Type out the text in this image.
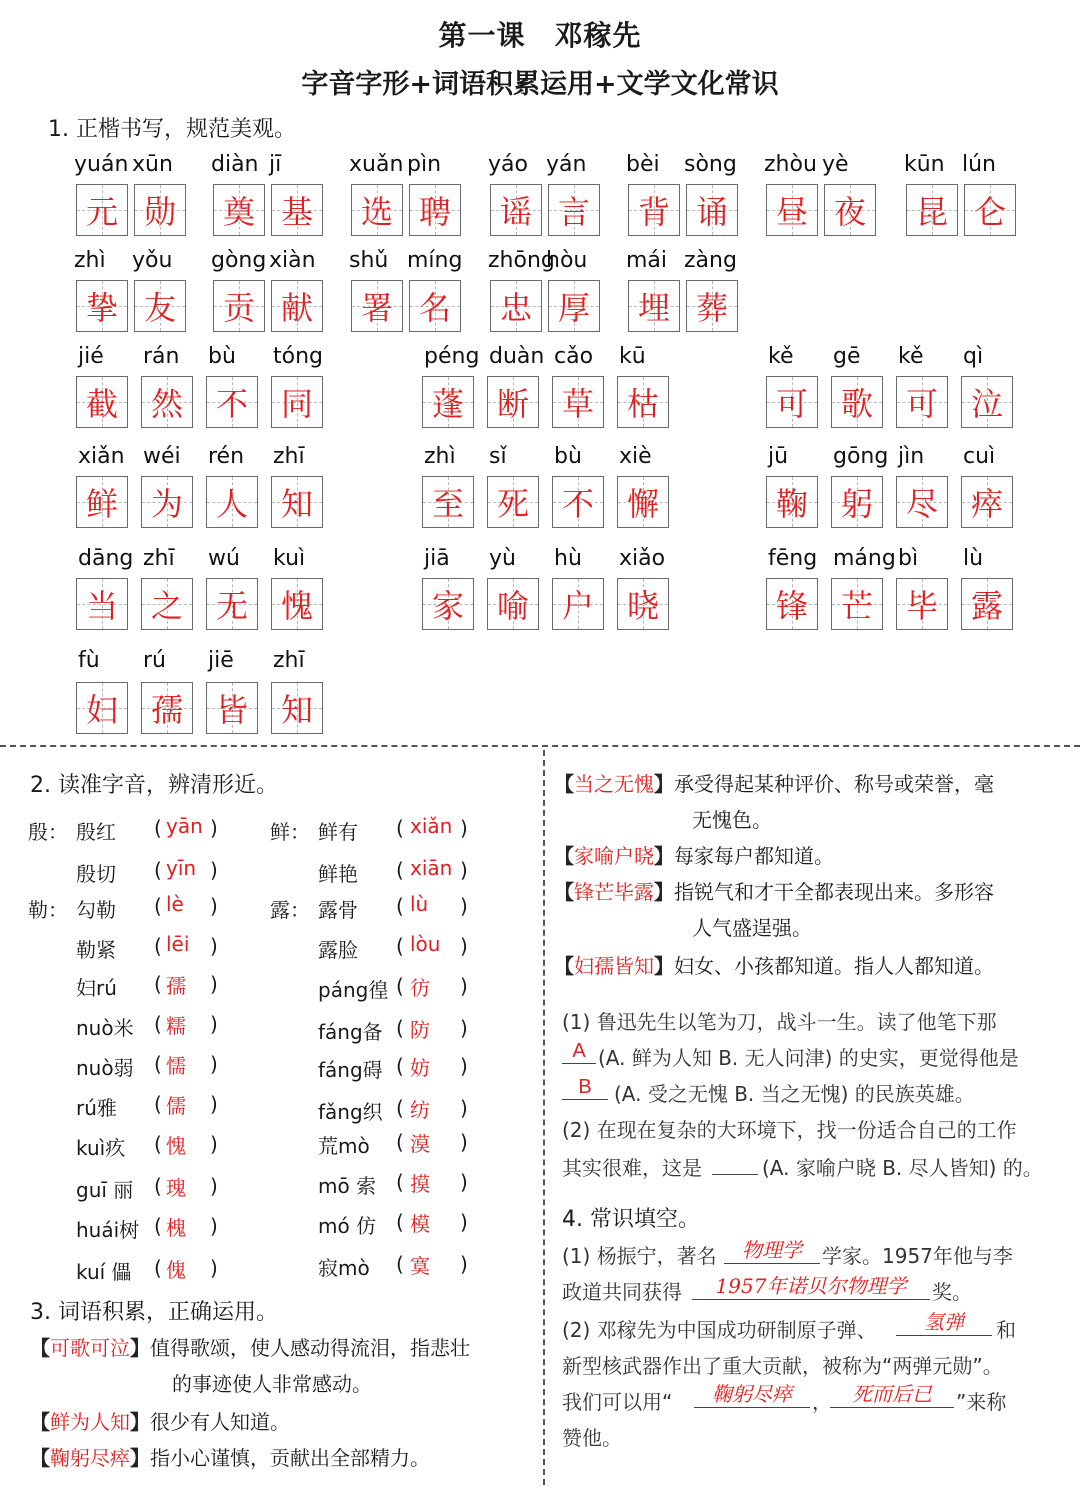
第一课　邓稼先
字音字形+词语积累运用+文学文化常识
1. 正楷书写，规范美观。
yuán xūn
元 勋
diàn jī
奠 基
xuǎn pìn
选 聘
yáo yán
谣 言
bèi sòng
背 诵
zhòu yè
昼 夜
kūn lún
昆 仑
zhì yǒu
挚 友
gòng xiàn
贡 献
shǔ míng
署 名
zhōng
hòu
忠 厚
mái zàng
埋 葬
jié rán bù tóng
截 然 不 同
péng duàn cǎo kū
蓬 断 草 枯
kě gē kě qì
可 歌 可 泣
xiǎn wéi rén zhī
鲜 为 人 知
zhì sǐ bù xiè
至 死 不 懈
jū gōng jìn cuì
鞠 躬 尽 瘁
dāng zhī wú kuì
当 之 无 愧
jiā yù hù xiǎo
家 喻 户 晓
fēng máng bì lù
锋 芒 毕 露
fù rú jiē zhī
妇 孺 皆 知
2. 读准字音，辨清形近。
殷： 殷红 ( yān )
殷切 ( yīn )
勒： 勾勒 ( lè )
勒紧 ( lēi )
妇rú ( 孺 )
nuò米 ( 糯 )
nuò弱 ( 懦 )
rú雅 ( 儒 )
kuì疚 ( 愧 )
guī 丽 ( 瑰 )
huái树 ( 槐 )
kuí 儡 ( 傀 )
鲜： 鲜有 ( xiǎn )
鲜艳 ( xiān )
露： 露骨 ( lù )
露脸 ( lòu )
páng徨 ( 彷 )
fáng备 ( 防 )
fáng碍 ( 妨 )
fǎng织 ( 纺 )
荒mò ( 漠 )
mō 索 ( 摸 )
mó 仿 ( 模 )
寂mò ( 寞 )
3. 词语积累，正确运用。
【可歌可泣】值得歌颂，使人感动得流泪，指悲壮
的事迹使人非常感动。
【鲜为人知】很少有人知道。
【鞠躬尽瘁】指小心谨慎，贡献出全部精力。
【当之无愧】承受得起某种评价、称号或荣誉，毫
无愧色。
【家喻户晓】每家每户都知道。
【锋芒毕露】指锐气和才干全都表现出来。多形容
人气盛逞强。
【妇孺皆知】妇女、小孩都知道。指人人都知道。
(1) 鲁迅先生以笔为刀，战斗一生。读了他笔下那
A (A. 鲜为人知 B. 无人问津) 的史实，更觉得他是
B	(A. 受之无愧 B. 当之无愧) 的民族英雄。
(2) 在现在复杂的大环境下，找一份适合自己的工作
其实很难，这是	(A. 家喻户晓 B. 尽人皆知) 的。
4. 常识填空。
(1) 杨振宁，著名	物理学	学家。1957年他与李
政道共同获得	1957年诺贝尔物理学	奖。
(2) 邓稼先为中国成功研制原子弹、	氢弹	和
新型核武器作出了重大贡献，被称为“两弹元勋”。
我们可以用“	鞠躬尽瘁	，	死而后已	”来称
赞他。
